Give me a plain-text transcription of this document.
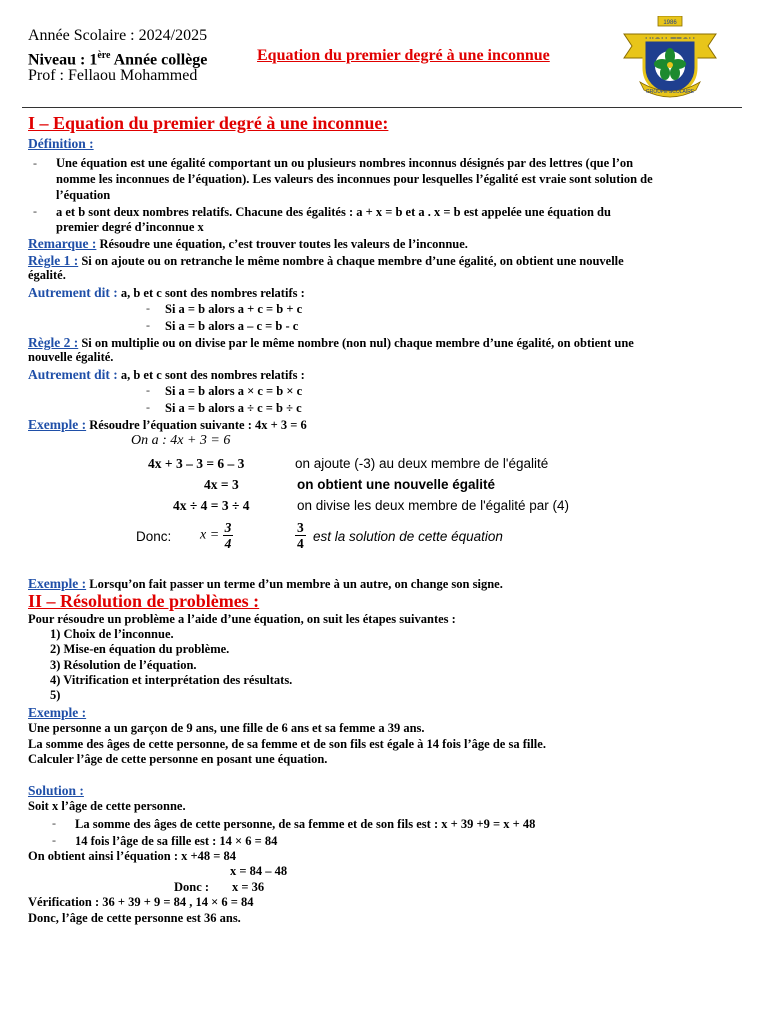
Année Scolaire : 2024/2025
Niveau : 1ère Année collège
Prof : Fellaou Mohammed
Equation du premier degré à une inconnue
1986
GROUPE SCOLAIRE
I – Equation du premier degré à une inconnue:
Définition :
- Une équation est une égalité comportant un ou plusieurs nombres inconnus désignés par des lettres (que l’on
nomme les inconnues de l’équation). Les valeurs des inconnues pour lesquelles l’égalité est vraie sont solution de
l’équation
- a et b sont deux nombres relatifs. Chacune des égalités : a + x = b et a . x = b est appelée une équation du
premier degré d’inconnue x
Remarque : Résoudre une équation, c’est trouver toutes les valeurs de l’inconnue.
Règle 1 : Si on ajoute ou on retranche le même nombre à chaque membre d’une égalité, on obtient une nouvelle
égalité.
Autrement dit : a, b et c sont des nombres relatifs :
- Si a = b alors a + c = b + c
- Si a = b alors a – c = b - c
Règle 2 : Si on multiplie ou on divise par le même nombre (non nul) chaque membre d’une égalité, on obtient une
nouvelle égalité.
Autrement dit : a, b et c sont des nombres relatifs :
- Si a = b alors a × c = b × c
- Si a = b alors a ÷ c = b ÷ c
Exemple : Résoudre l’équation suivante : 4x + 3 = 6
On a : 4x + 3 = 6
4x + 3 – 3 = 6 – 3	on ajoute (-3) au deux membre de l'égalité
4x = 3	on obtient une nouvelle égalité
4x ÷ 4 = 3 ÷ 4	on divise les deux membre de l'égalité par (4)
Donc: $x = \frac{3}{4}$	$\frac{3}{4}$ est la solution de cette équation
Exemple : Lorsqu’on fait passer un terme d’un membre à un autre, on change son signe.
II – Résolution de problèmes :
Pour résoudre un problème a l’aide d’une équation, on suit les étapes suivantes :
1) Choix de l’inconnue.
2) Mise-en équation du problème.
3) Résolution de l’équation.
4) Vitrification et interprétation des résultats.
5)
Exemple :
Une personne a un garçon de 9 ans, une fille de 6 ans et sa femme a 39 ans.
La somme des âges de cette personne, de sa femme et de son fils est égale à 14 fois l’âge de sa fille.
Calculer l’âge de cette personne en posant une équation.
Solution :
Soit x l’âge de cette personne.
- La somme des âges de cette personne, de sa femme et de son fils est : x + 39 +9 = x + 48
- 14 fois l’âge de sa fille est : 14 × 6 = 84
On obtient ainsi l’équation : x +48 = 84
x = 84 – 48
Donc : x = 36
Vérification : 36 + 39 + 9 = 84 , 14 × 6 = 84
Donc, l’âge de cette personne est 36 ans.
